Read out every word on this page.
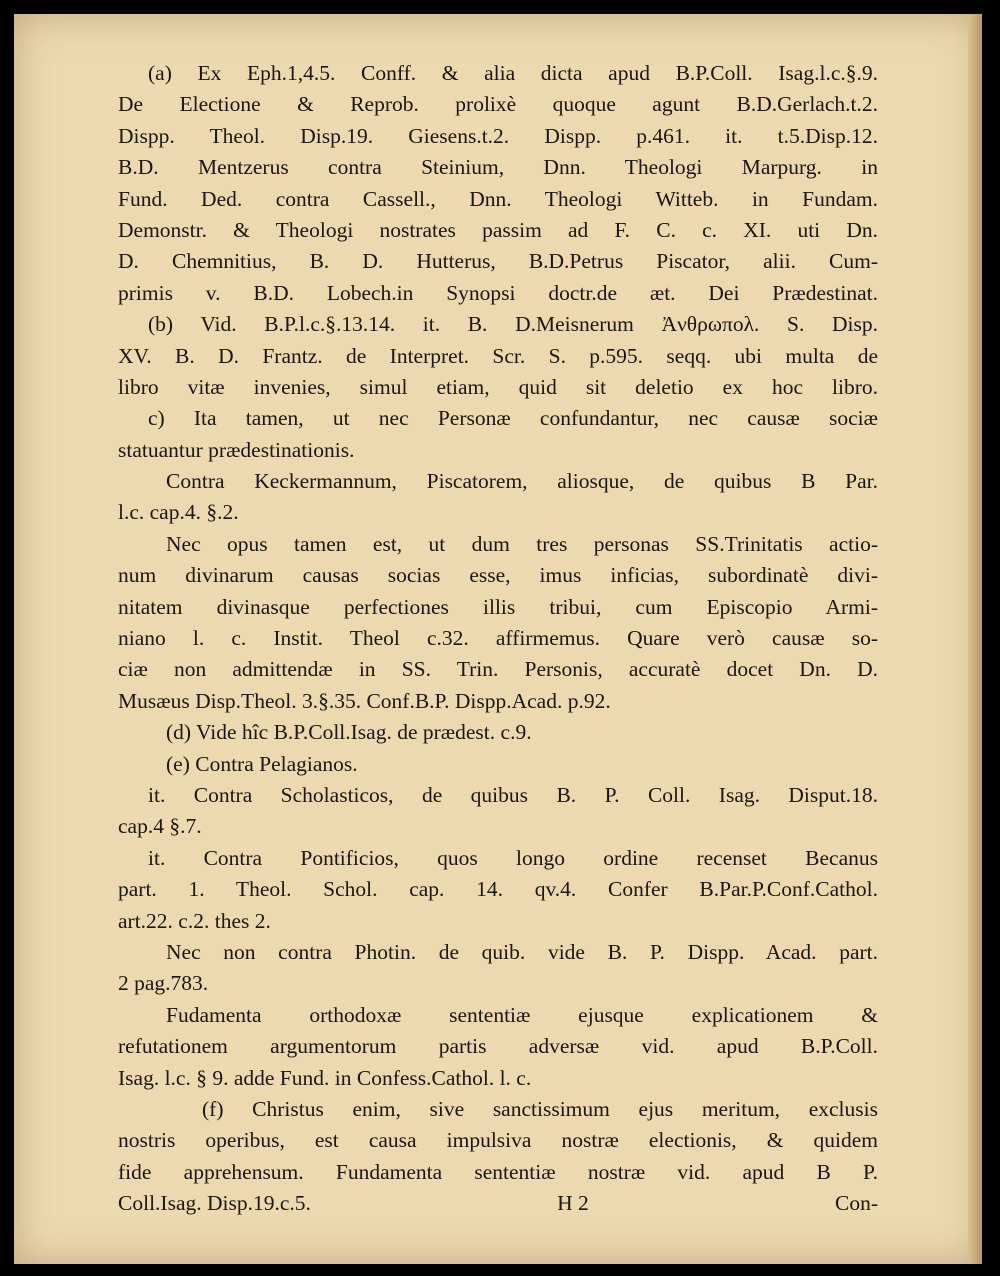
(a) Ex Eph.1,4.5. Conff. & alia dicta apud B.P.Coll. Isag.l.c.§.9.
De Electione & Reprob. prolixè quoque agunt B.D.Gerlach.t.2.
Dispp. Theol. Disp.19. Giesens.t.2. Dispp. p.461. it. t.5.Disp.12.
B.D. Mentzerus contra Steinium, Dnn. Theologi Marpurg. in
Fund. Ded. contra Cassell., Dnn. Theologi Witteb. in Fundam.
Demonstr. & Theologi nostrates passim ad F. C. c. XI. uti Dn.
D. Chemnitius, B. D. Hutterus, B.D.Petrus Piscator, alii. Cum-
primis v. B.D. Lobech.in Synopsi doctr.de æt. Dei Prædestinat.
(b) Vid. B.P.l.c.§.13.14. it. B. D.Meisnerum Ἀνθρωπολ. S. Disp.
XV. B. D. Frantz. de Interpret. Scr. S. p.595. seqq. ubi multa de
libro vitæ invenies, simul etiam, quid sit deletio ex hoc libro.
c) Ita tamen, ut nec Personæ confundantur, nec causæ sociæ
statuantur prædestinationis.
Contra Keckermannum, Piscatorem, aliosque, de quibus B Par.
l.c. cap.4. §.2.
Nec opus tamen est, ut dum tres personas SS.Trinitatis actio-
num divinarum causas socias esse, imus inficias, subordinatè divi-
nitatem divinasque perfectiones illis tribui, cum Episcopio Armi-
niano l. c. Instit. Theol c.32. affirmemus. Quare verò causæ so-
ciæ non admittendæ in SS. Trin. Personis, accuratè docet Dn. D.
Musæus Disp.Theol. 3.§.35. Conf.B.P. Dispp.Acad. p.92.
(d) Vide hîc B.P.Coll.Isag. de prædest. c.9.
(e) Contra Pelagianos.
it. Contra Scholasticos, de quibus B. P. Coll. Isag. Disput.18.
cap.4 §.7.
it. Contra Pontificios, quos longo ordine recenset Becanus
part. 1. Theol. Schol. cap. 14. qv.4. Confer B.Par.P.Conf.Cathol.
art.22. c.2. thes 2.
Nec non contra Photin. de quib. vide B. P. Dispp. Acad. part.
2 pag.783.
Fudamenta orthodoxæ sententiæ ejusque explicationem &
refutationem argumentorum partis adversæ vid. apud B.P.Coll.
Isag. l.c. § 9. adde Fund. in Confess.Cathol. l. c.
(f) Christus enim, sive sanctissimum ejus meritum, exclusis
nostris operibus, est causa impulsiva nostræ electionis, & quidem
fide apprehensum. Fundamenta sententiæ nostræ vid. apud B P.
Coll.Isag. Disp.19.c.5.	H 2	Con-
